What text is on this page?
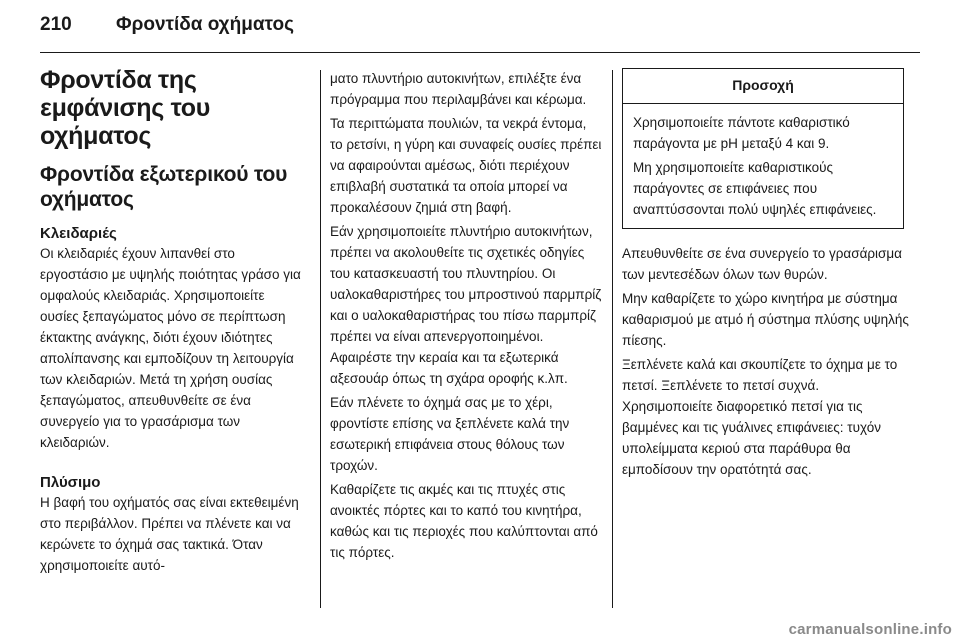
210	Φροντίδα οχήματος
Φροντίδα της εμφάνισης του οχήματος
Φροντίδα εξωτερικού του οχήματος
Κλειδαριές
Οι κλειδαριές έχουν λιπανθεί στο εργοστάσιο με υψηλής ποιότητας γράσο για ομφαλούς κλειδαριάς. Χρησιμοποιείτε ουσίες ξεπαγώματος μόνο σε περίπτωση έκτακτης ανάγκης, διότι έχουν ιδιότητες απολίπανσης και εμποδίζουν τη λειτουργία των κλειδαριών. Μετά τη χρήση ουσίας ξεπαγώματος, απευθυνθείτε σε ένα συνεργείο για το γρασάρισμα των κλειδαριών.
Πλύσιμο
Η βαφή του οχήματός σας είναι εκτεθειμένη στο περιβάλλον. Πρέπει να πλένετε και να κερώνετε το όχημά σας τακτικά. Όταν χρησιμοποιείτε αυτό-

ματο πλυντήριο αυτοκινήτων, επιλέξτε ένα πρόγραμμα που περιλαμβάνει και κέρωμα.

Τα περιττώματα πουλιών, τα νεκρά έντομα, το ρετσίνι, η γύρη και συναφείς ουσίες πρέπει να αφαιρούνται αμέσως, διότι περιέχουν επιβλαβή συστατικά τα οποία μπορεί να προκαλέσουν ζημιά στη βαφή.

Εάν χρησιμοποιείτε πλυντήριο αυτοκινήτων, πρέπει να ακολουθείτε τις σχετικές οδηγίες του κατασκευαστή του πλυντηρίου. Οι υαλοκαθαριστήρες του μπροστινού παρμπρίζ και ο υαλοκαθαριστήρας του πίσω παρμπρίζ πρέπει να είναι απενεργοποιημένοι. Αφαιρέστε την κεραία και τα εξωτερικά αξεσουάρ όπως τη σχάρα οροφής κ.λπ.

Εάν πλένετε το όχημά σας με το χέρι, φροντίστε επίσης να ξεπλένετε καλά την εσωτερική επιφάνεια στους θόλους των τροχών.

Καθαρίζετε τις ακμές και τις πτυχές στις ανοικτές πόρτες και το καπό του κινητήρα, καθώς και τις περιοχές που καλύπτονται από τις πόρτες.

Προσοχή

Χρησιμοποιείτε πάντοτε καθαριστικό παράγοντα με pH μεταξύ 4 και 9.

Μη χρησιμοποιείτε καθαριστικούς παράγοντες σε επιφάνειες που αναπτύσσονται πολύ υψηλές επιφάνειες.

Απευθυνθείτε σε ένα συνεργείο το γρασάρισμα των μεντεσέδων όλων των θυρών.

Μην καθαρίζετε το χώρο κινητήρα με σύστημα καθαρισμού με ατμό ή σύστημα πλύσης υψηλής πίεσης.

Ξεπλένετε καλά και σκουπίζετε το όχημα με το πετσί. Ξεπλένετε το πετσί συχνά. Χρησιμοποιείτε διαφορετικό πετσί για τις βαμμένες και τις γυάλινες επιφάνειες: τυχόν υπολείμματα κεριού στα παράθυρα θα εμποδίσουν την ορατότητά σας.

carmanualsonline.info
